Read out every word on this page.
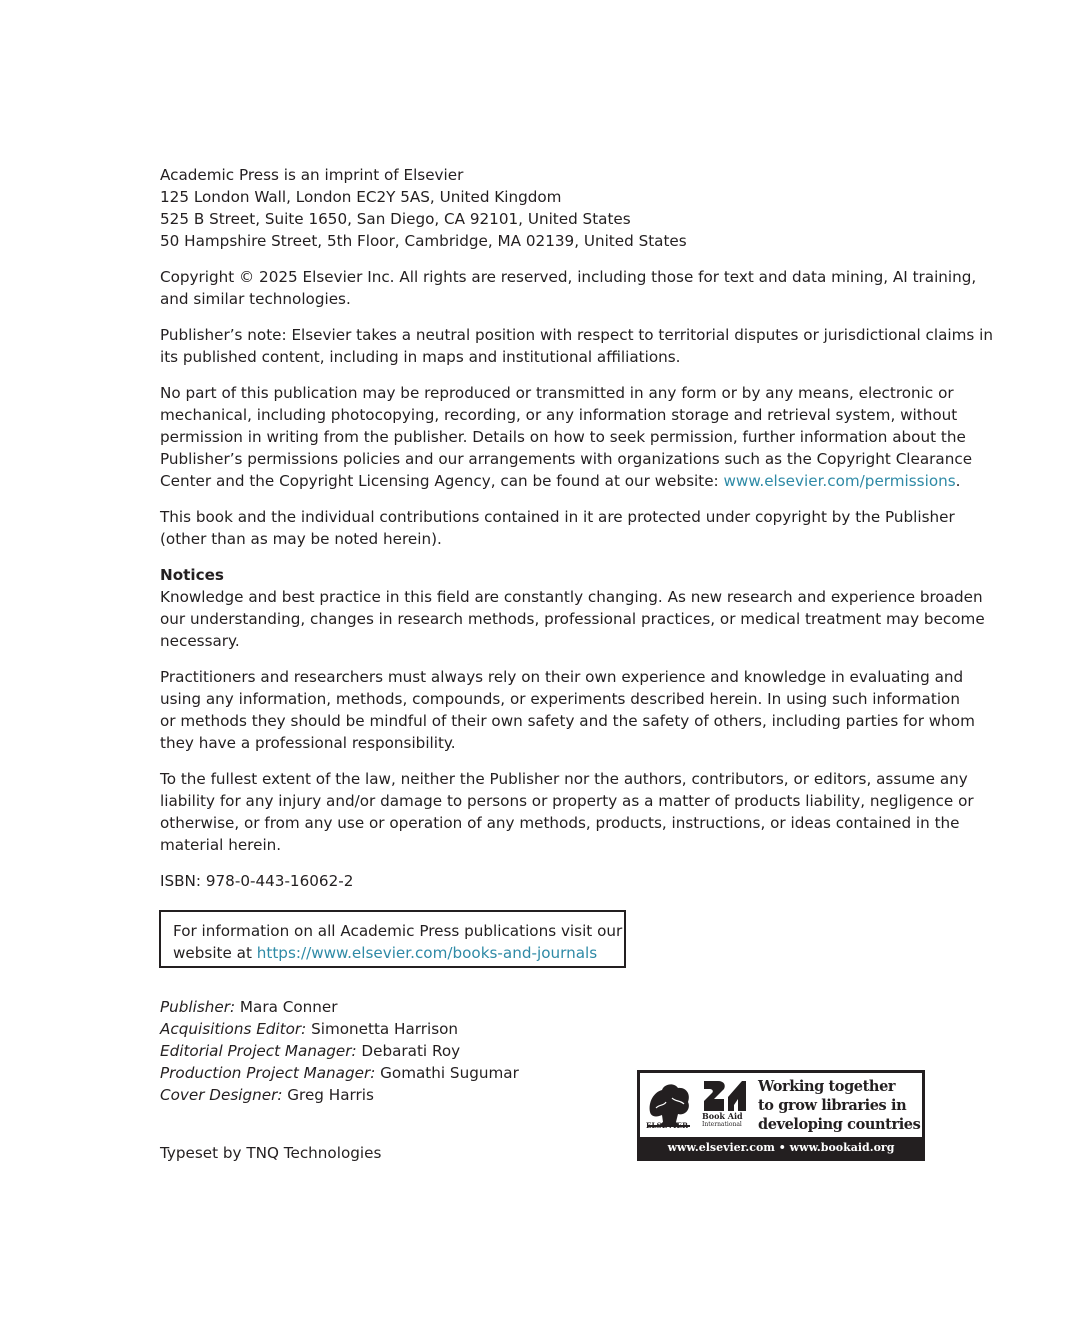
Academic Press is an imprint of Elsevier
125 London Wall, London EC2Y 5AS, United Kingdom
525 B Street, Suite 1650, San Diego, CA 92101, United States
50 Hampshire Street, 5th Floor, Cambridge, MA 02139, United States

Copyright © 2025 Elsevier Inc. All rights are reserved, including those for text and data mining, AI training,
and similar technologies.

Publisher’s note: Elsevier takes a neutral position with respect to territorial disputes or jurisdictional claims in
its published content, including in maps and institutional affiliations.

No part of this publication may be reproduced or transmitted in any form or by any means, electronic or
mechanical, including photocopying, recording, or any information storage and retrieval system, without
permission in writing from the publisher. Details on how to seek permission, further information about the
Publisher’s permissions policies and our arrangements with organizations such as the Copyright Clearance
Center and the Copyright Licensing Agency, can be found at our website: www.elsevier.com/permissions.

This book and the individual contributions contained in it are protected under copyright by the Publisher
(other than as may be noted herein).

Notices
Knowledge and best practice in this field are constantly changing. As new research and experience broaden
our understanding, changes in research methods, professional practices, or medical treatment may become
necessary.

Practitioners and researchers must always rely on their own experience and knowledge in evaluating and
using any information, methods, compounds, or experiments described herein. In using such information
or methods they should be mindful of their own safety and the safety of others, including parties for whom
they have a professional responsibility.

To the fullest extent of the law, neither the Publisher nor the authors, contributors, or editors, assume any
liability for any injury and/or damage to persons or property as a matter of products liability, negligence or
otherwise, or from any use or operation of any methods, products, instructions, or ideas contained in the
material herein.

ISBN: 978-0-443-16062-2

For information on all Academic Press publications visit our
website at https://www.elsevier.com/books-and-journals
Publisher: Mara Conner
Acquisitions Editor: Simonetta Harrison
Editorial Project Manager: Debarati Roy
Production Project Manager: Gomathi Sugumar
Cover Designer: Greg Harris
Typeset by TNQ Technologies
ELSEVIER
Book Aid
International
Working together
to grow libraries in
developing countries
www.elsevier.com • www.bookaid.org
